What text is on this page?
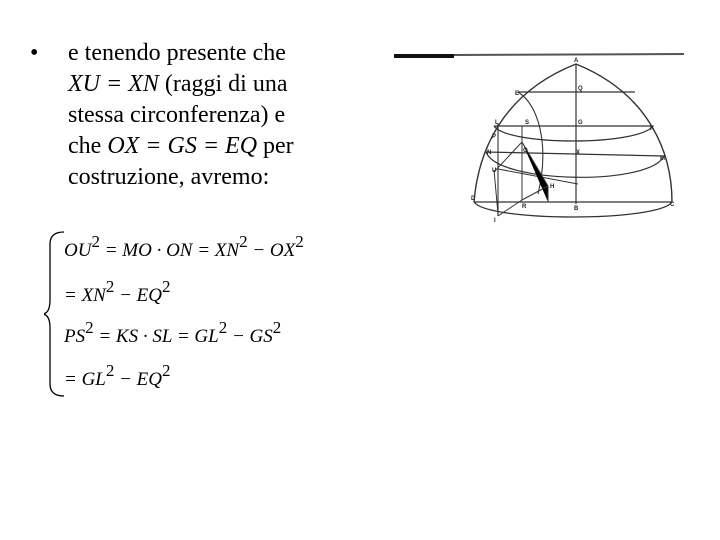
• e tenendo presente che
XU = XN (raggi di una
stessa circonferenza) e
che OX = GS = EQ per
costruzione, avremo:
$OU^2$ = MO · ON = $XN^2 - OX^2$
= $XN^2 - EQ^2$
$PS^2$ = KS · SL = $GL^2 - GS^2$
= $GL^2 - EQ^2$
A
E
Q
L	S	G
K
N	O	X
M
U
H
D
R	B
C
I
P
